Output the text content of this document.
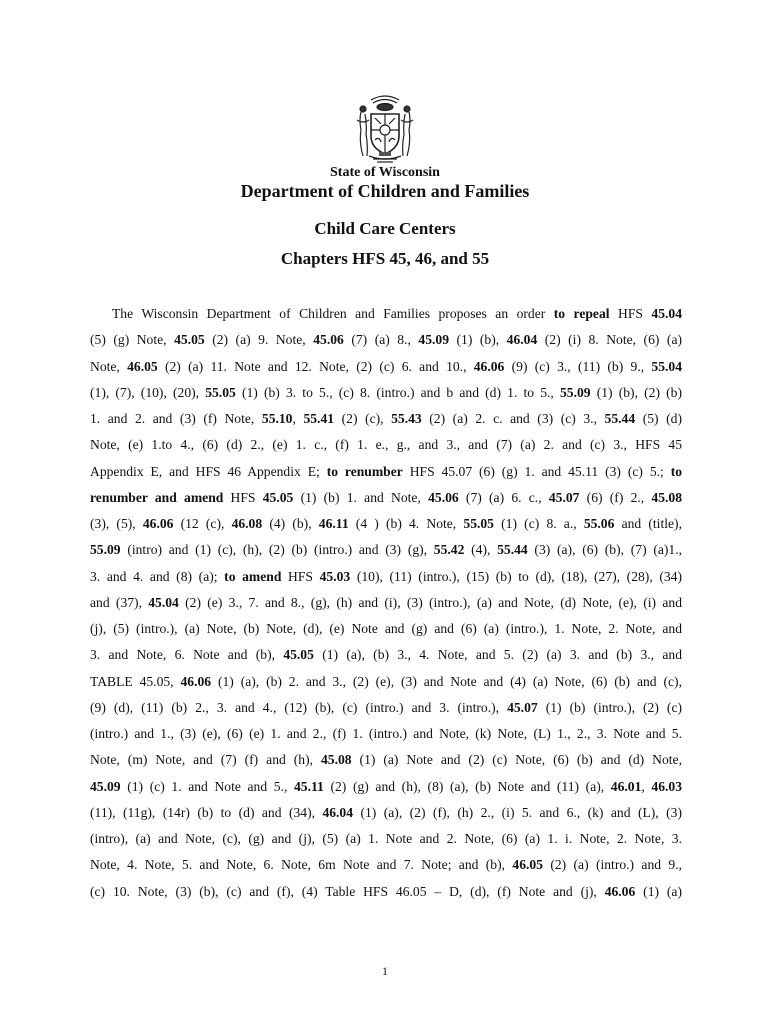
State of Wisconsin
Department of Children and Families
Child Care Centers
Chapters HFS 45, 46, and 55
The Wisconsin Department of Children and Families proposes an order to repeal HFS 45.04
(5) (g) Note, 45.05 (2) (a) 9. Note, 45.06 (7) (a) 8., 45.09 (1) (b), 46.04 (2) (i) 8. Note, (6) (a)
Note, 46.05 (2) (a) 11. Note and 12. Note, (2) (c) 6. and 10., 46.06 (9) (c) 3., (11) (b) 9., 55.04
(1), (7), (10), (20), 55.05 (1) (b) 3. to 5., (c) 8. (intro.) and b and (d) 1. to 5., 55.09 (1) (b), (2) (b)
1. and 2. and (3) (f) Note, 55.10, 55.41 (2) (c), 55.43 (2) (a) 2. c. and (3) (c) 3., 55.44 (5) (d)
Note, (e) 1.to 4., (6) (d) 2., (e) 1. c., (f) 1. e., g., and 3., and (7) (a) 2. and (c) 3., HFS 45
Appendix E, and HFS 46 Appendix E; to renumber HFS 45.07 (6) (g) 1. and 45.11 (3) (c) 5.; to
renumber and amend HFS 45.05 (1) (b) 1. and Note, 45.06 (7) (a) 6. c., 45.07 (6) (f) 2., 45.08
(3), (5), 46.06 (12 (c), 46.08 (4) (b), 46.11 (4 ) (b) 4. Note, 55.05 (1) (c) 8. a., 55.06 and (title),
55.09 (intro) and (1) (c), (h), (2) (b) (intro.) and (3) (g), 55.42 (4), 55.44 (3) (a), (6) (b), (7) (a)1.,
3. and 4. and (8) (a); to amend HFS 45.03 (10), (11) (intro.), (15) (b) to (d), (18), (27), (28), (34)
and (37), 45.04 (2) (e) 3., 7. and 8., (g), (h) and (i), (3) (intro.), (a) and Note, (d) Note, (e), (i) and
(j), (5) (intro.), (a) Note, (b) Note, (d), (e) Note and (g) and (6) (a) (intro.), 1. Note, 2. Note, and
3. and Note, 6. Note and (b), 45.05 (1) (a), (b) 3., 4. Note, and 5. (2) (a) 3. and (b) 3., and
TABLE 45.05, 46.06 (1) (a), (b) 2. and 3., (2) (e), (3) and Note and (4) (a) Note, (6) (b) and (c),
(9) (d), (11) (b) 2., 3. and 4., (12) (b), (c) (intro.) and 3. (intro.), 45.07 (1) (b) (intro.), (2) (c)
(intro.) and 1., (3) (e), (6) (e) 1. and 2., (f) 1. (intro.) and Note, (k) Note, (L) 1., 2., 3. Note and 5.
Note, (m) Note, and (7) (f) and (h), 45.08 (1) (a) Note and (2) (c) Note, (6) (b) and (d) Note,
45.09 (1) (c) 1. and Note and 5., 45.11 (2) (g) and (h), (8) (a), (b) Note and (11) (a), 46.01, 46.03
(11), (11g), (14r) (b) to (d) and (34), 46.04 (1) (a), (2) (f), (h) 2., (i) 5. and 6., (k) and (L), (3)
(intro), (a) and Note, (c), (g) and (j), (5) (a) 1. Note and 2. Note, (6) (a) 1. i. Note, 2. Note, 3.
Note, 4. Note, 5. and Note, 6. Note, 6m Note and 7. Note; and (b), 46.05 (2) (a) (intro.) and 9.,
(c) 10. Note, (3) (b), (c) and (f), (4) Table HFS 46.05 – D, (d), (f) Note and (j), 46.06 (1) (a)
1
